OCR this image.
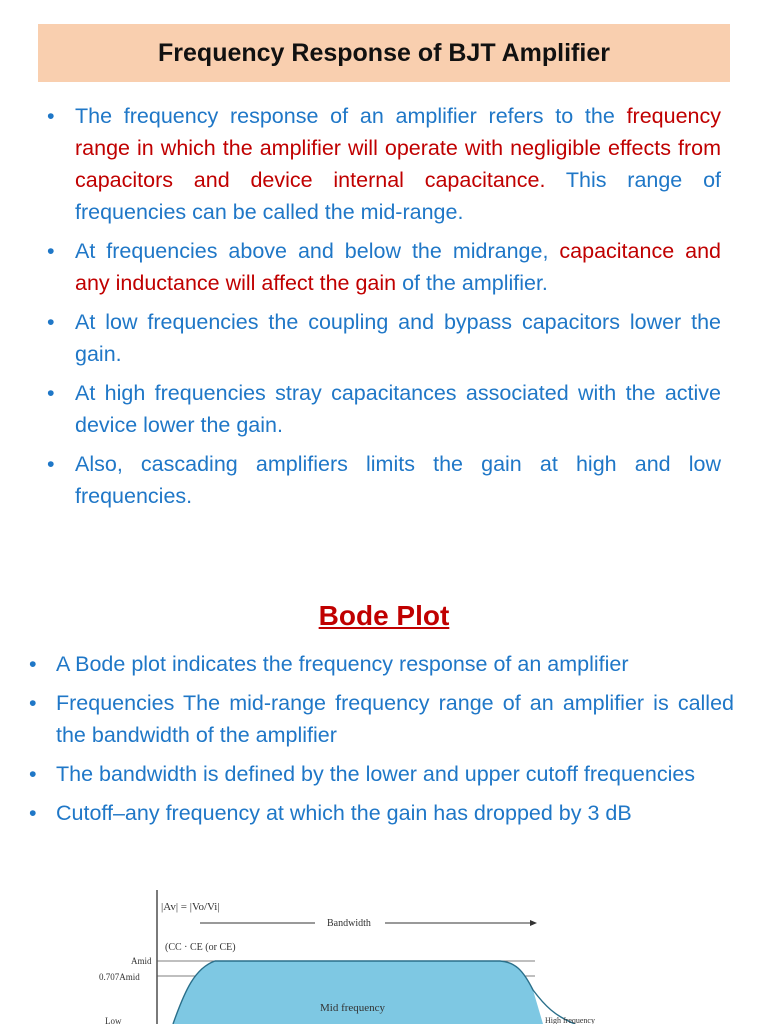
Frequency Response of BJT Amplifier
• The frequency response of an amplifier refers to the frequency range in which the amplifier will operate with negligible effects from capacitors and device internal capacitance. This range of frequencies can be called the mid-range.
• At frequencies above and below the midrange, capacitance and any inductance will affect the gain of the amplifier.
• At low frequencies the coupling and bypass capacitors lower the gain.
• At high frequencies stray capacitances associated with the active device lower the gain.
• Also, cascading amplifiers limits the gain at high and low frequencies.
Bode Plot
• A Bode plot indicates the frequency response of an amplifier
• Frequencies The mid-range frequency range of an amplifier is called the bandwidth of the amplifier
• The bandwidth is defined by the lower and upper cutoff frequencies
• Cutoff–any frequency at which the gain has dropped by 3 dB
|Av| = |Vo/Vi|
Bandwidth
(CC · CE (or CE)
Amid
0.707Amid
Mid frequency
Low	High frequency
